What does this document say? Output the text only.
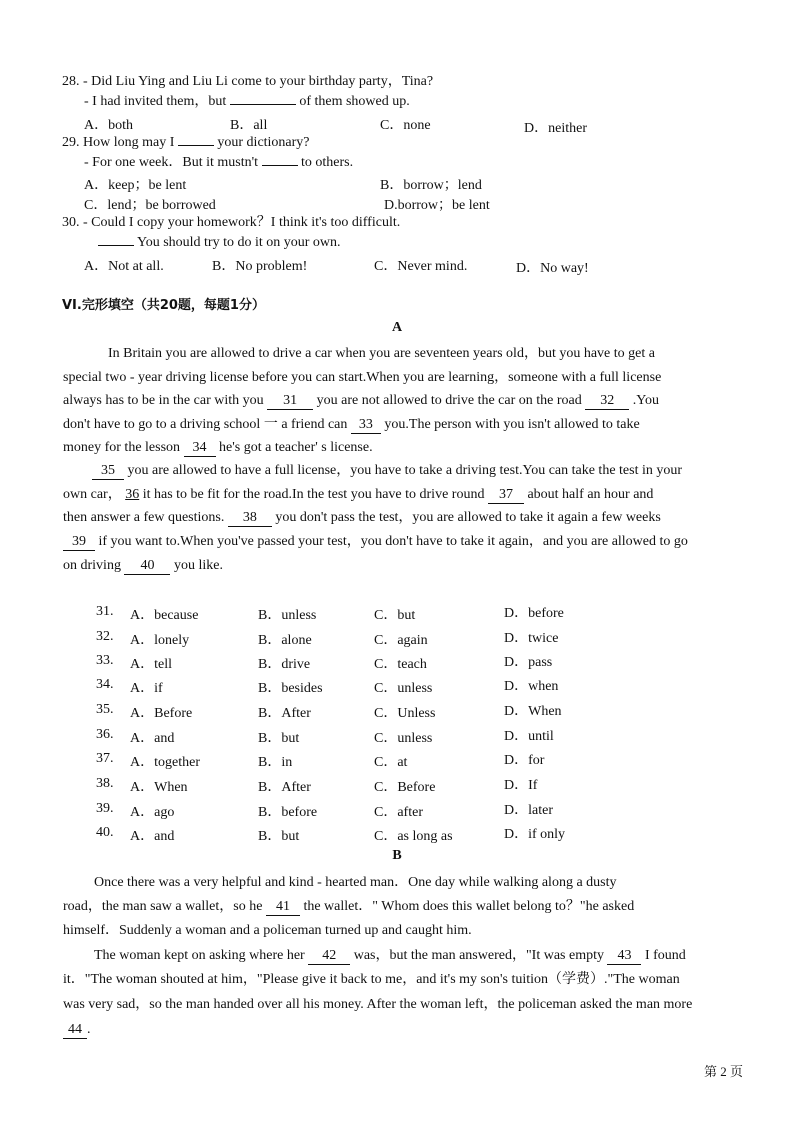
28. - Did Liu Ying and Liu Li come to your birthday party，Tina?
- I had invited them，but	of them showed up.
A．both	B．all	C．none	D．neither
29. How long may I	your dictionary?
- For one week．But it mustn't	to others.
A．keep；be lent	B．borrow；lend
C．lend；be borrowed	D.borrow；be lent
30. - Could I copy your homework？I think it's too difficult.
You should try to do it on your own.
A．Not at all.	B．No problem!	C．Never mind.	D．No way!
VI.完形填空（共20题，每题1分）
A
In Britain you are allowed to drive a car when you are seventeen years old，but you have to get a
special two - year driving license before you can start.When you are learning，someone with a full license
always has to be in the car with you 31 you are not allowed to drive the car on the road 32 .You
don't have to go to a driving school 一 a friend can 33 you.The person with you isn't allowed to take
money for the lesson 34 he's got a teacher' s license.
35 you are allowed to have a full license，you have to take a driving test.You can take the test in your
own car， 36 it has to be fit for the road.In the test you have to drive round 37 about half an hour and
then answer a few questions. 38 you don't pass the test，you are allowed to take it again a few weeks
39 if you want to.When you've passed your test，you don't have to take it again，and you are allowed to go
on driving 40 you like.
31. A．because	B．unless	C．but	D．before
32. A．lonely	B．alone	C．again	D．twice
33. A．tell	B．drive	C．teach	D．pass
34. A．if	B．besides	C．unless	D．when
35. A．Before	B．After	C．Unless	D．When
36. A．and	B．but	C．unless	D．until
37. A．together	B．in	C．at	D．for
38. A．When	B．After	C．Before	D．If
39. A．ago	B．before	C．after	D．later
40. A．and	B．but	C．as long as	D．if only
B
Once there was a very helpful and kind - hearted man．One day while walking along a dusty
road，the man saw a wallet，so he 41 the wallet．" Whom does this wallet belong to？"he asked
himself．Suddenly a woman and a policeman turned up and caught him.
The woman kept on asking where her 42 was，but the man answered，"It was empty 43 I found
it．"The woman shouted at him，"Please give it back to me，and it's my son's tuition（学费）."The woman
was very sad，so the man handed over all his money. After the woman left，the policeman asked the man more
44 .
第 2 页
